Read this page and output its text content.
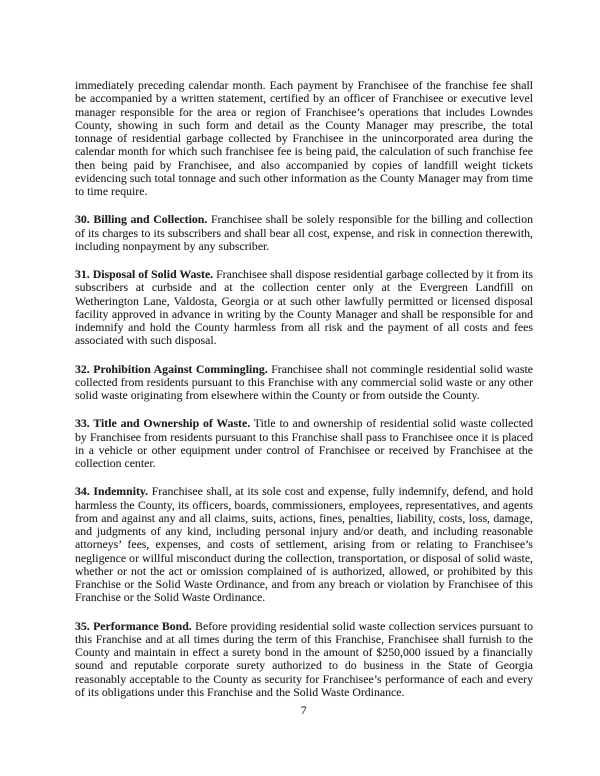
immediately preceding calendar month. Each payment by Franchisee of the franchise fee shall be accompanied by a written statement, certified by an officer of Franchisee or executive level manager responsible for the area or region of Franchisee’s operations that includes Lowndes County, showing in such form and detail as the County Manager may prescribe, the total tonnage of residential garbage collected by Franchisee in the unincorporated area during the calendar month for which such franchisee fee is being paid, the calculation of such franchise fee then being paid by Franchisee, and also accompanied by copies of landfill weight tickets evidencing such total tonnage and such other information as the County Manager may from time to time require.

30. Billing and Collection. Franchisee shall be solely responsible for the billing and collection of its charges to its subscribers and shall bear all cost, expense, and risk in connection therewith, including nonpayment by any subscriber.

31. Disposal of Solid Waste. Franchisee shall dispose residential garbage collected by it from its subscribers at curbside and at the collection center only at the Evergreen Landfill on Wetherington Lane, Valdosta, Georgia or at such other lawfully permitted or licensed disposal facility approved in advance in writing by the County Manager and shall be responsible for and indemnify and hold the County harmless from all risk and the payment of all costs and fees associated with such disposal.

32. Prohibition Against Commingling. Franchisee shall not commingle residential solid waste collected from residents pursuant to this Franchise with any commercial solid waste or any other solid waste originating from elsewhere within the County or from outside the County.

33. Title and Ownership of Waste. Title to and ownership of residential solid waste collected by Franchisee from residents pursuant to this Franchise shall pass to Franchisee once it is placed in a vehicle or other equipment under control of Franchisee or received by Franchisee at the collection center.

34. Indemnity. Franchisee shall, at its sole cost and expense, fully indemnify, defend, and hold harmless the County, its officers, boards, commissioners, employees, representatives, and agents from and against any and all claims, suits, actions, fines, penalties, liability, costs, loss, damage, and judgments of any kind, including personal injury and/or death, and including reasonable attorneys’ fees, expenses, and costs of settlement, arising from or relating to Franchisee’s negligence or willful misconduct during the collection, transportation, or disposal of solid waste, whether or not the act or omission complained of is authorized, allowed, or prohibited by this Franchise or the Solid Waste Ordinance, and from any breach or violation by Franchisee of this Franchise or the Solid Waste Ordinance.

35. Performance Bond. Before providing residential solid waste collection services pursuant to this Franchise and at all times during the term of this Franchise, Franchisee shall furnish to the County and maintain in effect a surety bond in the amount of $250,000 issued by a financially sound and reputable corporate surety authorized to do business in the State of Georgia reasonably acceptable to the County as security for Franchisee’s performance of each and every of its obligations under this Franchise and the Solid Waste Ordinance.

7
